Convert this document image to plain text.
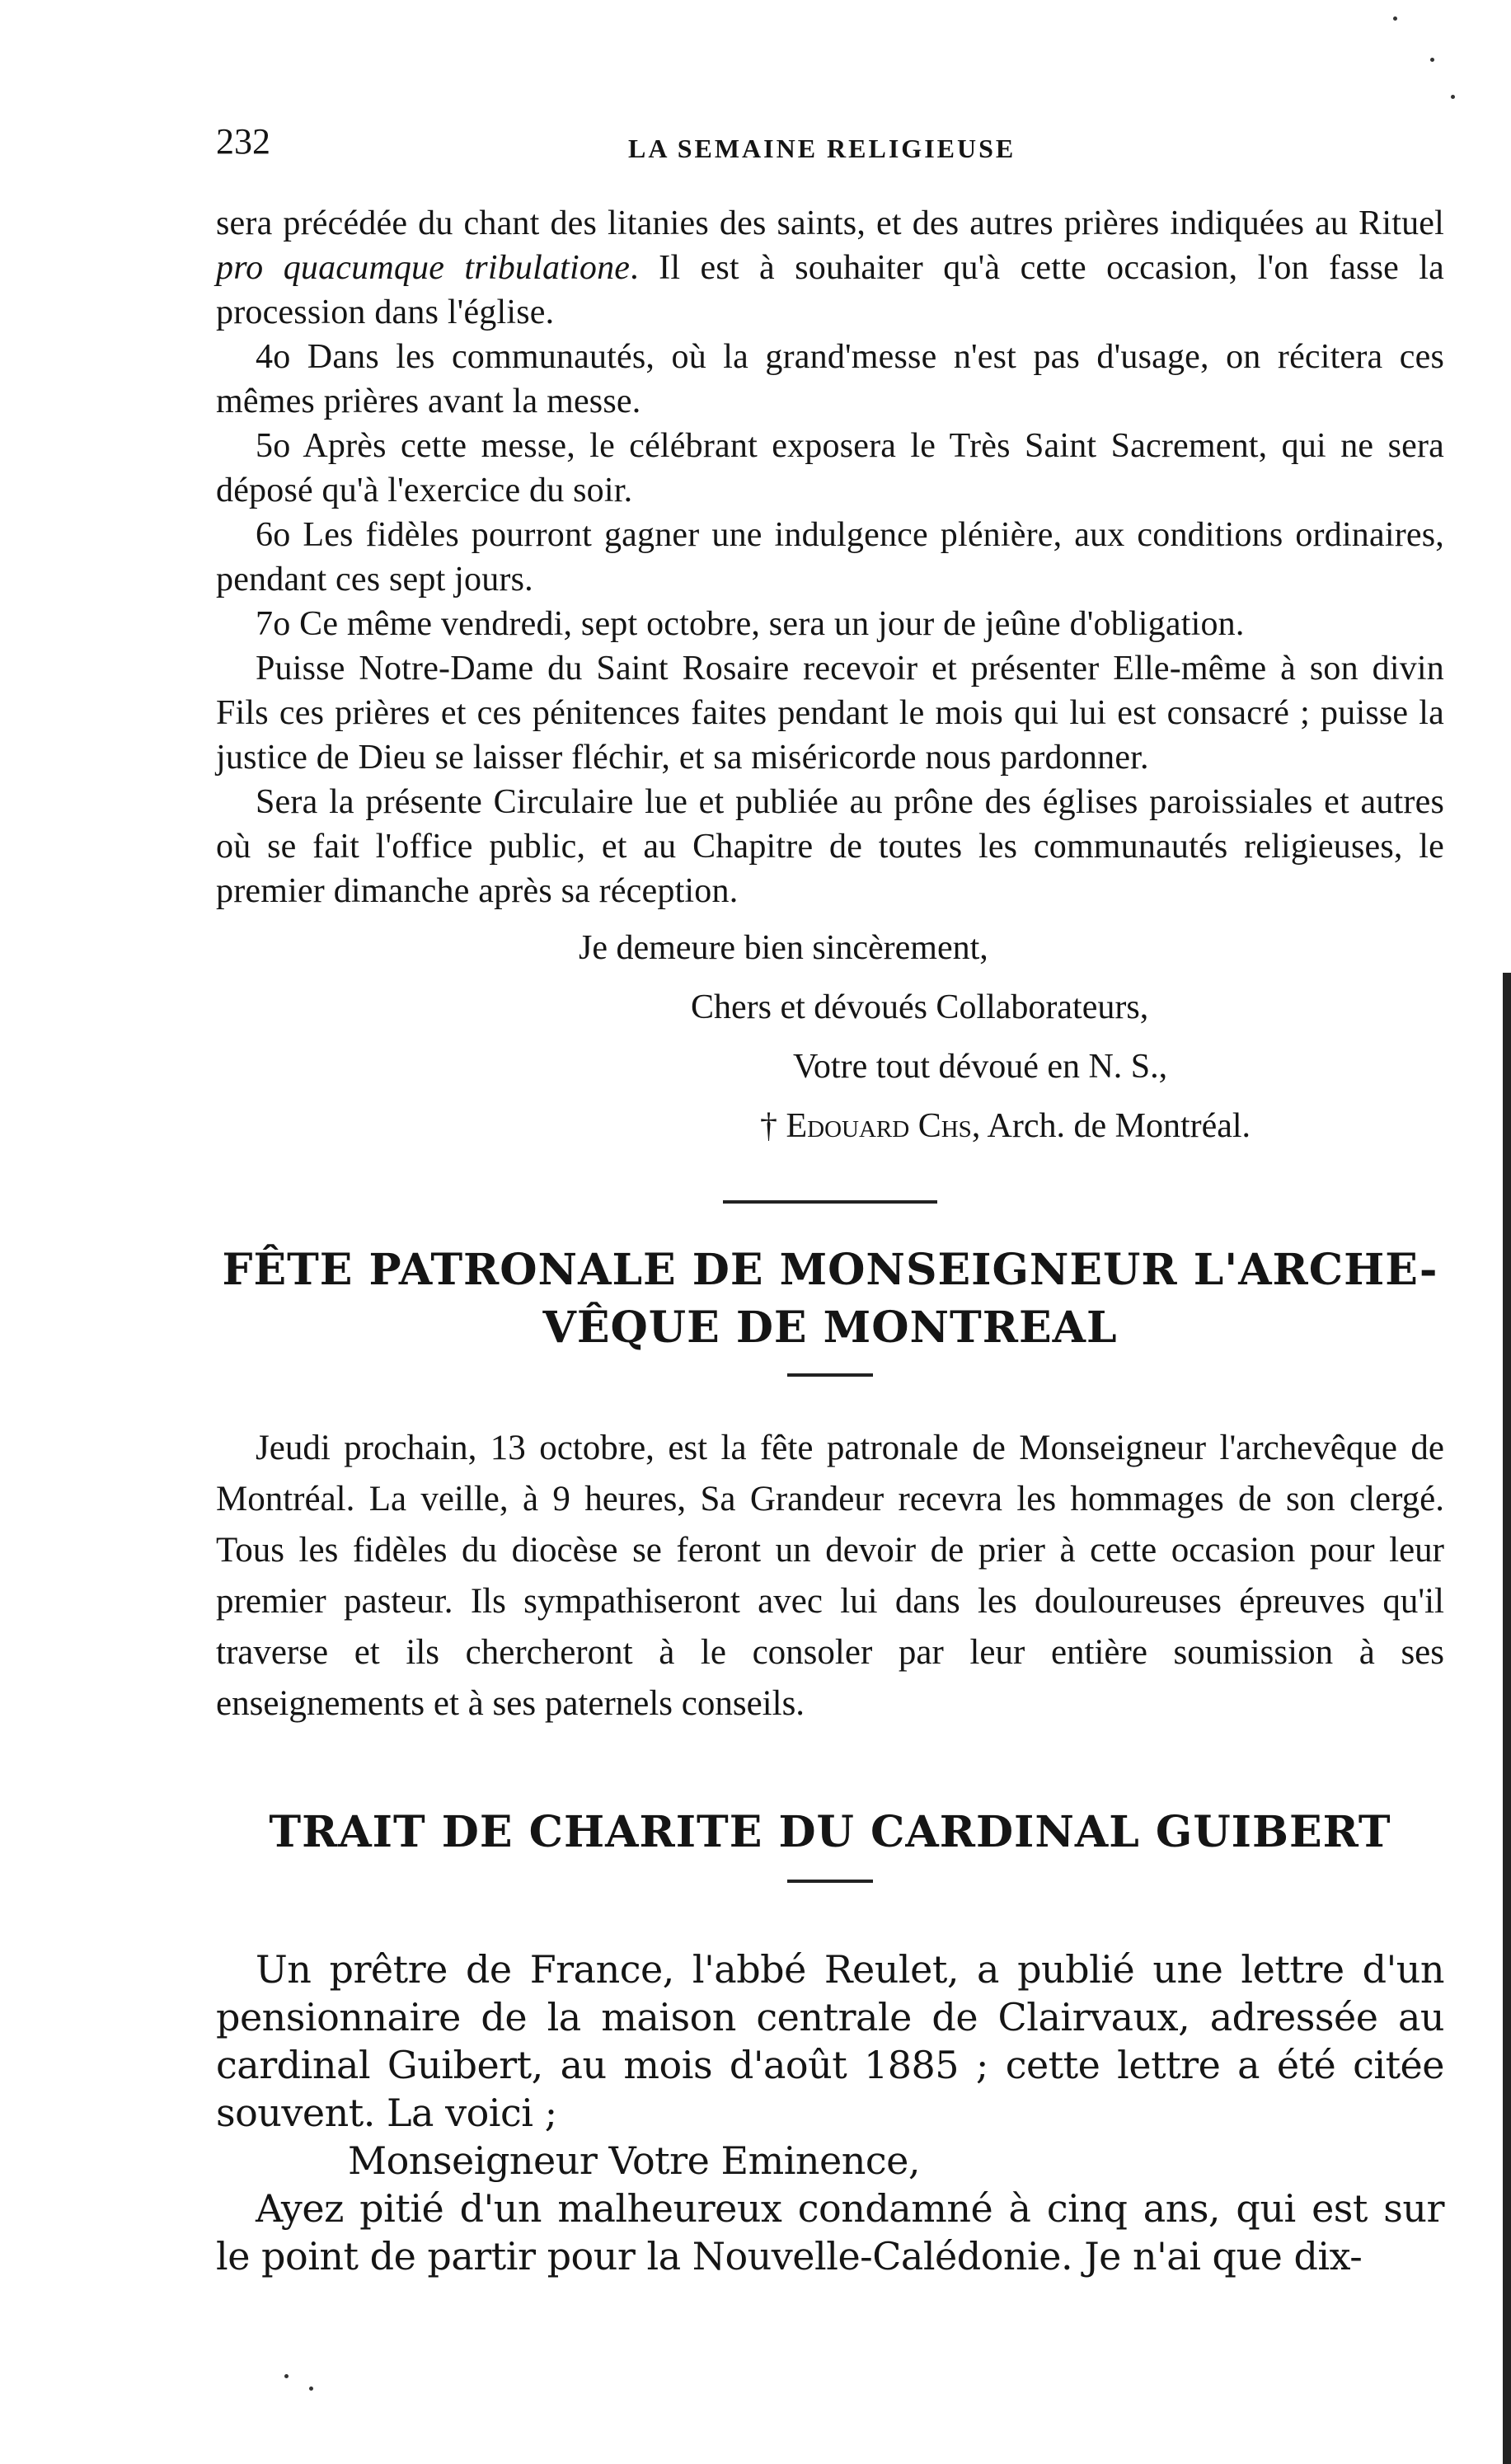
232	LA SEMAINE RELIGIEUSE

sera précédée du chant des litanies des saints, et des autres prières indiquées au Rituel pro quacumque tribulatione. Il est à souhaiter qu'à cette occasion, l'on fasse la procession dans l'église.

4o Dans les communautés, où la grand'messe n'est pas d'usage, on récitera ces mêmes prières avant la messe.

5o Après cette messe, le célébrant exposera le Très Saint Sacrement, qui ne sera déposé qu'à l'exercice du soir.

6o Les fidèles pourront gagner une indulgence plénière, aux conditions ordinaires, pendant ces sept jours.

7o Ce même vendredi, sept octobre, sera un jour de jeûne d'obligation.

Puisse Notre-Dame du Saint Rosaire recevoir et présenter Elle-même à son divin Fils ces prières et ces pénitences faites pendant le mois qui lui est consacré ; puisse la justice de Dieu se laisser fléchir, et sa miséricorde nous pardonner.

Sera la présente Circulaire lue et publiée au prône des églises paroissiales et autres où se fait l'office public, et au Chapitre de toutes les communautés religieuses, le premier dimanche après sa réception.

Je demeure bien sincèrement,

Chers et dévoués Collaborateurs,

Votre tout dévoué en N. S.,

† Edouard Chs, Arch. de Montréal.

FÊTE PATRONALE DE MONSEIGNEUR L'ARCHE-
VÊQUE DE MONTREAL

Jeudi prochain, 13 octobre, est la fête patronale de Monseigneur l'archevêque de Montréal. La veille, à 9 heures, Sa Grandeur recevra les hommages de son clergé. Tous les fidèles du diocèse se feront un devoir de prier à cette occasion pour leur premier pasteur. Ils sympathiseront avec lui dans les douloureuses épreuves qu'il traverse et ils chercheront à le consoler par leur entière soumission à ses enseignements et à ses paternels conseils.

TRAIT DE CHARITE DU CARDINAL GUIBERT

Un prêtre de France, l'abbé Reulet, a publié une lettre d'un pensionnaire de la maison centrale de Clairvaux, adressée au cardinal Guibert, au mois d'août 1885 ; cette lettre a été citée souvent. La voici ;

Monseigneur Votre Eminence,

Ayez pitié d'un malheureux condamné à cinq ans, qui est sur le point de partir pour la Nouvelle-Calédonie. Je n'ai que dix-
